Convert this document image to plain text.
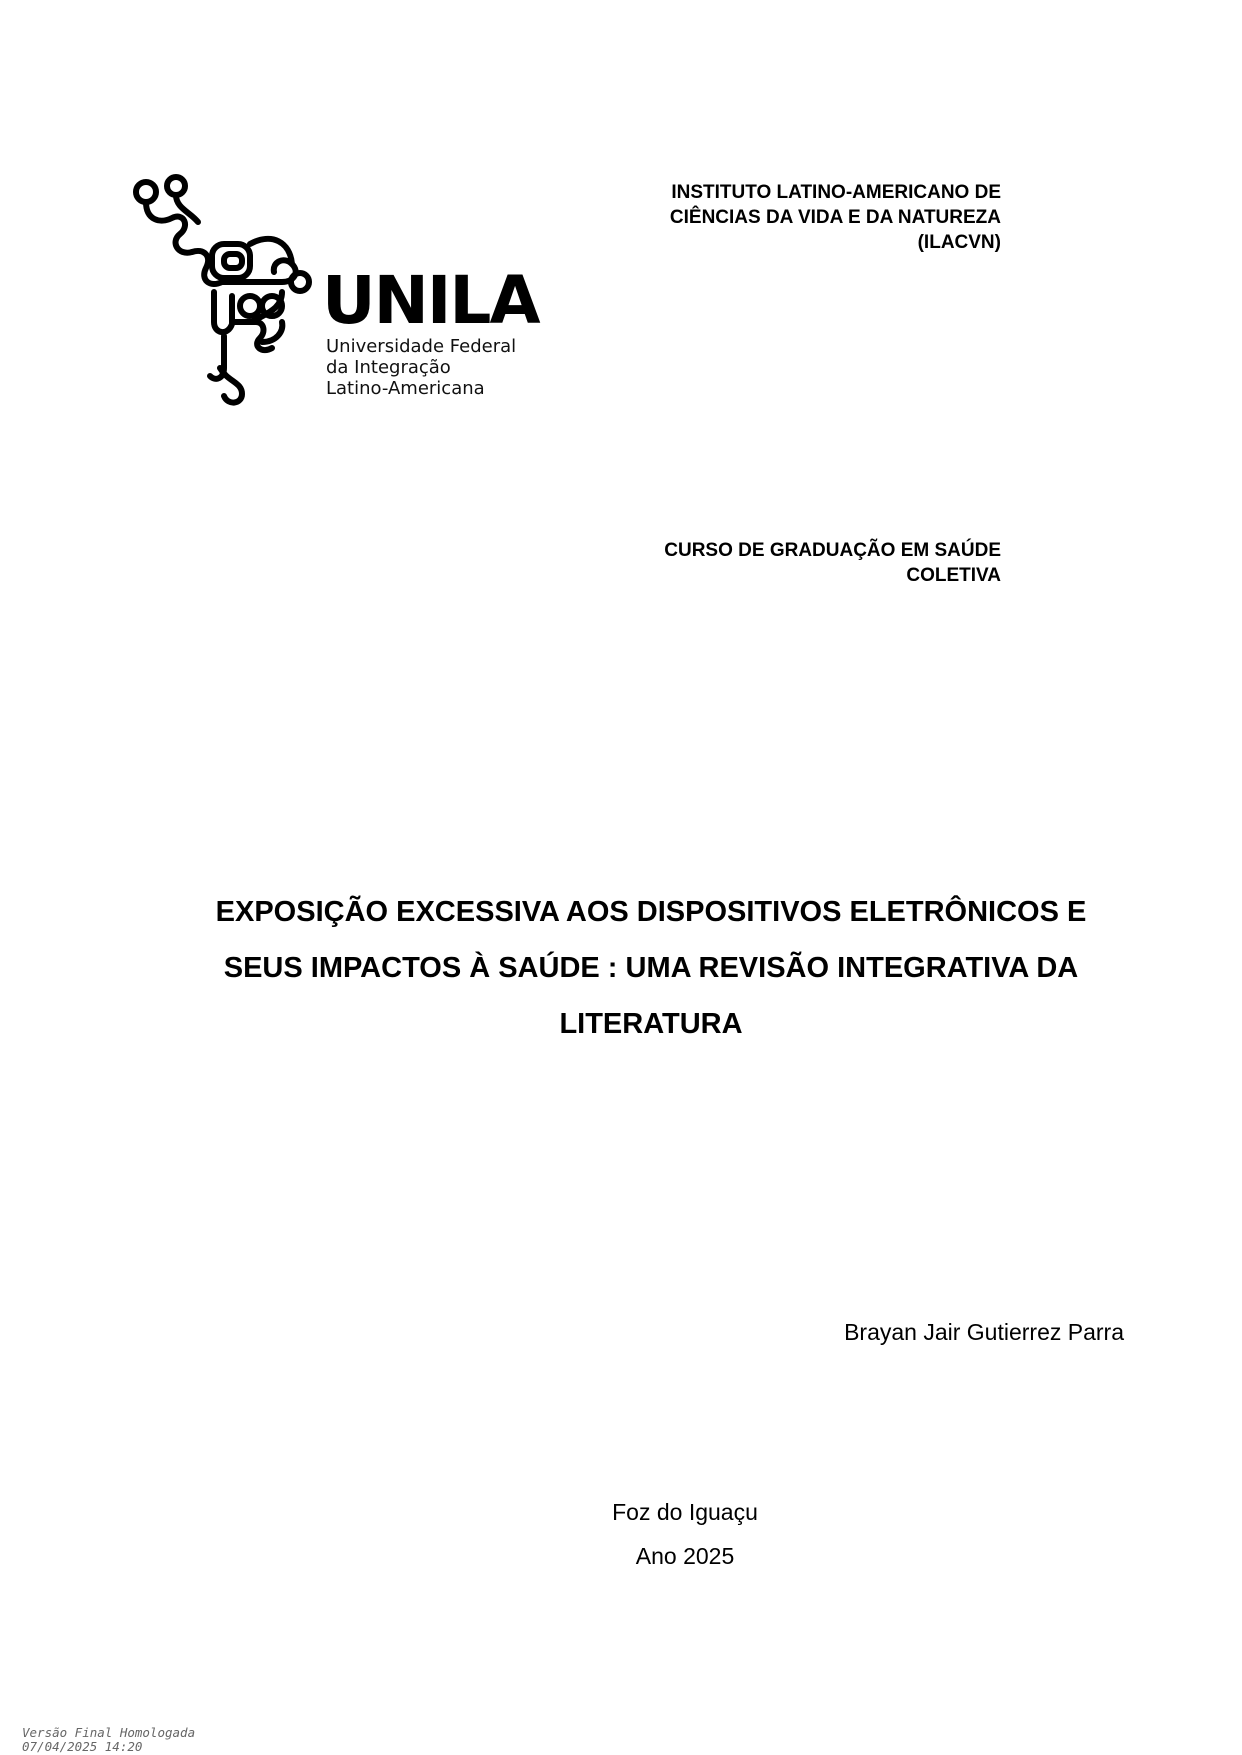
UNILA
Universidade Federal
da Integração
Latino-Americana
INSTITUTO LATINO-AMERICANO DE
CIÊNCIAS DA VIDA E DA NATUREZA
(ILACVN)
CURSO DE GRADUAÇÃO EM SAÚDE
COLETIVA
EXPOSIÇÃO EXCESSIVA AOS DISPOSITIVOS ELETRÔNICOS E
SEUS IMPACTOS À SAÚDE : UMA REVISÃO INTEGRATIVA DA
LITERATURA
Brayan Jair Gutierrez Parra
Foz do Iguaçu
Ano 2025
Versão Final Homologada
07/04/2025 14:20
